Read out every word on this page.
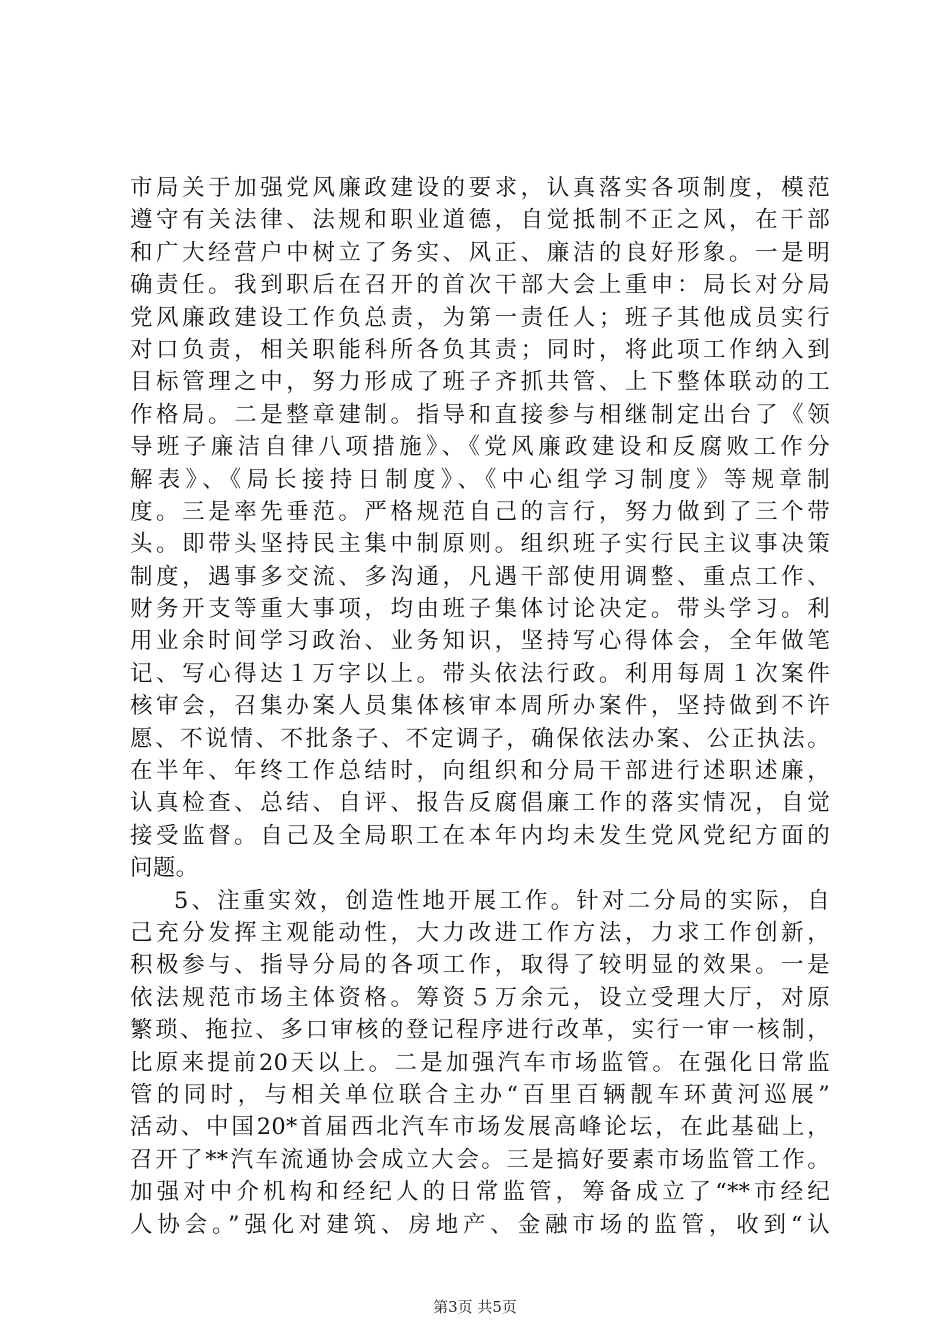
市局关于加强党风廉政建设的要求，认真落实各项制度，模范
遵守有关法律、法规和职业道德，自觉抵制不正之风，在干部
和广大经营户中树立了务实、风正、廉洁的良好形象。一是明
确责任。我到职后在召开的首次干部大会上重申：局长对分局
党风廉政建设工作负总责，为第一责任人；班子其他成员实行
对口负责，相关职能科所各负其责；同时，将此项工作纳入到
目标管理之中，努力形成了班子齐抓共管、上下整体联动的工
作格局。二是整章建制。指导和直接参与相继制定出台了《领
导班子廉洁自律八项措施》、《党风廉政建设和反腐败工作分
解表》、《局长接持日制度》、《中心组学习制度》等规章制
度。三是率先垂范。严格规范自己的言行，努力做到了三个带
头。即带头坚持民主集中制原则。组织班子实行民主议事决策
制度，遇事多交流、多沟通，凡遇干部使用调整、重点工作、
财务开支等重大事项，均由班子集体讨论决定。带头学习。利
用业余时间学习政治、业务知识，坚持写心得体会，全年做笔
记、写心得达１万字以上。带头依法行政。利用每周１次案件
核审会，召集办案人员集体核审本周所办案件，坚持做到不许
愿、不说情、不批条子、不定调子，确保依法办案、公正执法。
在半年、年终工作总结时，向组织和分局干部进行述职述廉，
认真检查、总结、自评、报告反腐倡廉工作的落实情况，自觉
接受监督。自己及全局职工在本年内均未发生党风党纪方面的
问题。
5、注重实效，创造性地开展工作。针对二分局的实际，自
己充分发挥主观能动性，大力改进工作方法，力求工作创新，
积极参与、指导分局的各项工作，取得了较明显的效果。一是
依法规范市场主体资格。筹资５万余元，设立受理大厅，对原
繁琐、拖拉、多口审核的登记程序进行改革，实行一审一核制，
比原来提前20天以上。二是加强汽车市场监管。在强化日常监
管的同时，与相关单位联合主办“百里百辆靓车环黄河巡展”
活动、中国20*首届西北汽车市场发展高峰论坛，在此基础上，
召开了**汽车流通协会成立大会。三是搞好要素市场监管工作。
加强对中介机构和经纪人的日常监管，筹备成立了“**市经纪
人协会。”强化对建筑、房地产、金融市场的监管，收到“认
第3页 共5页
